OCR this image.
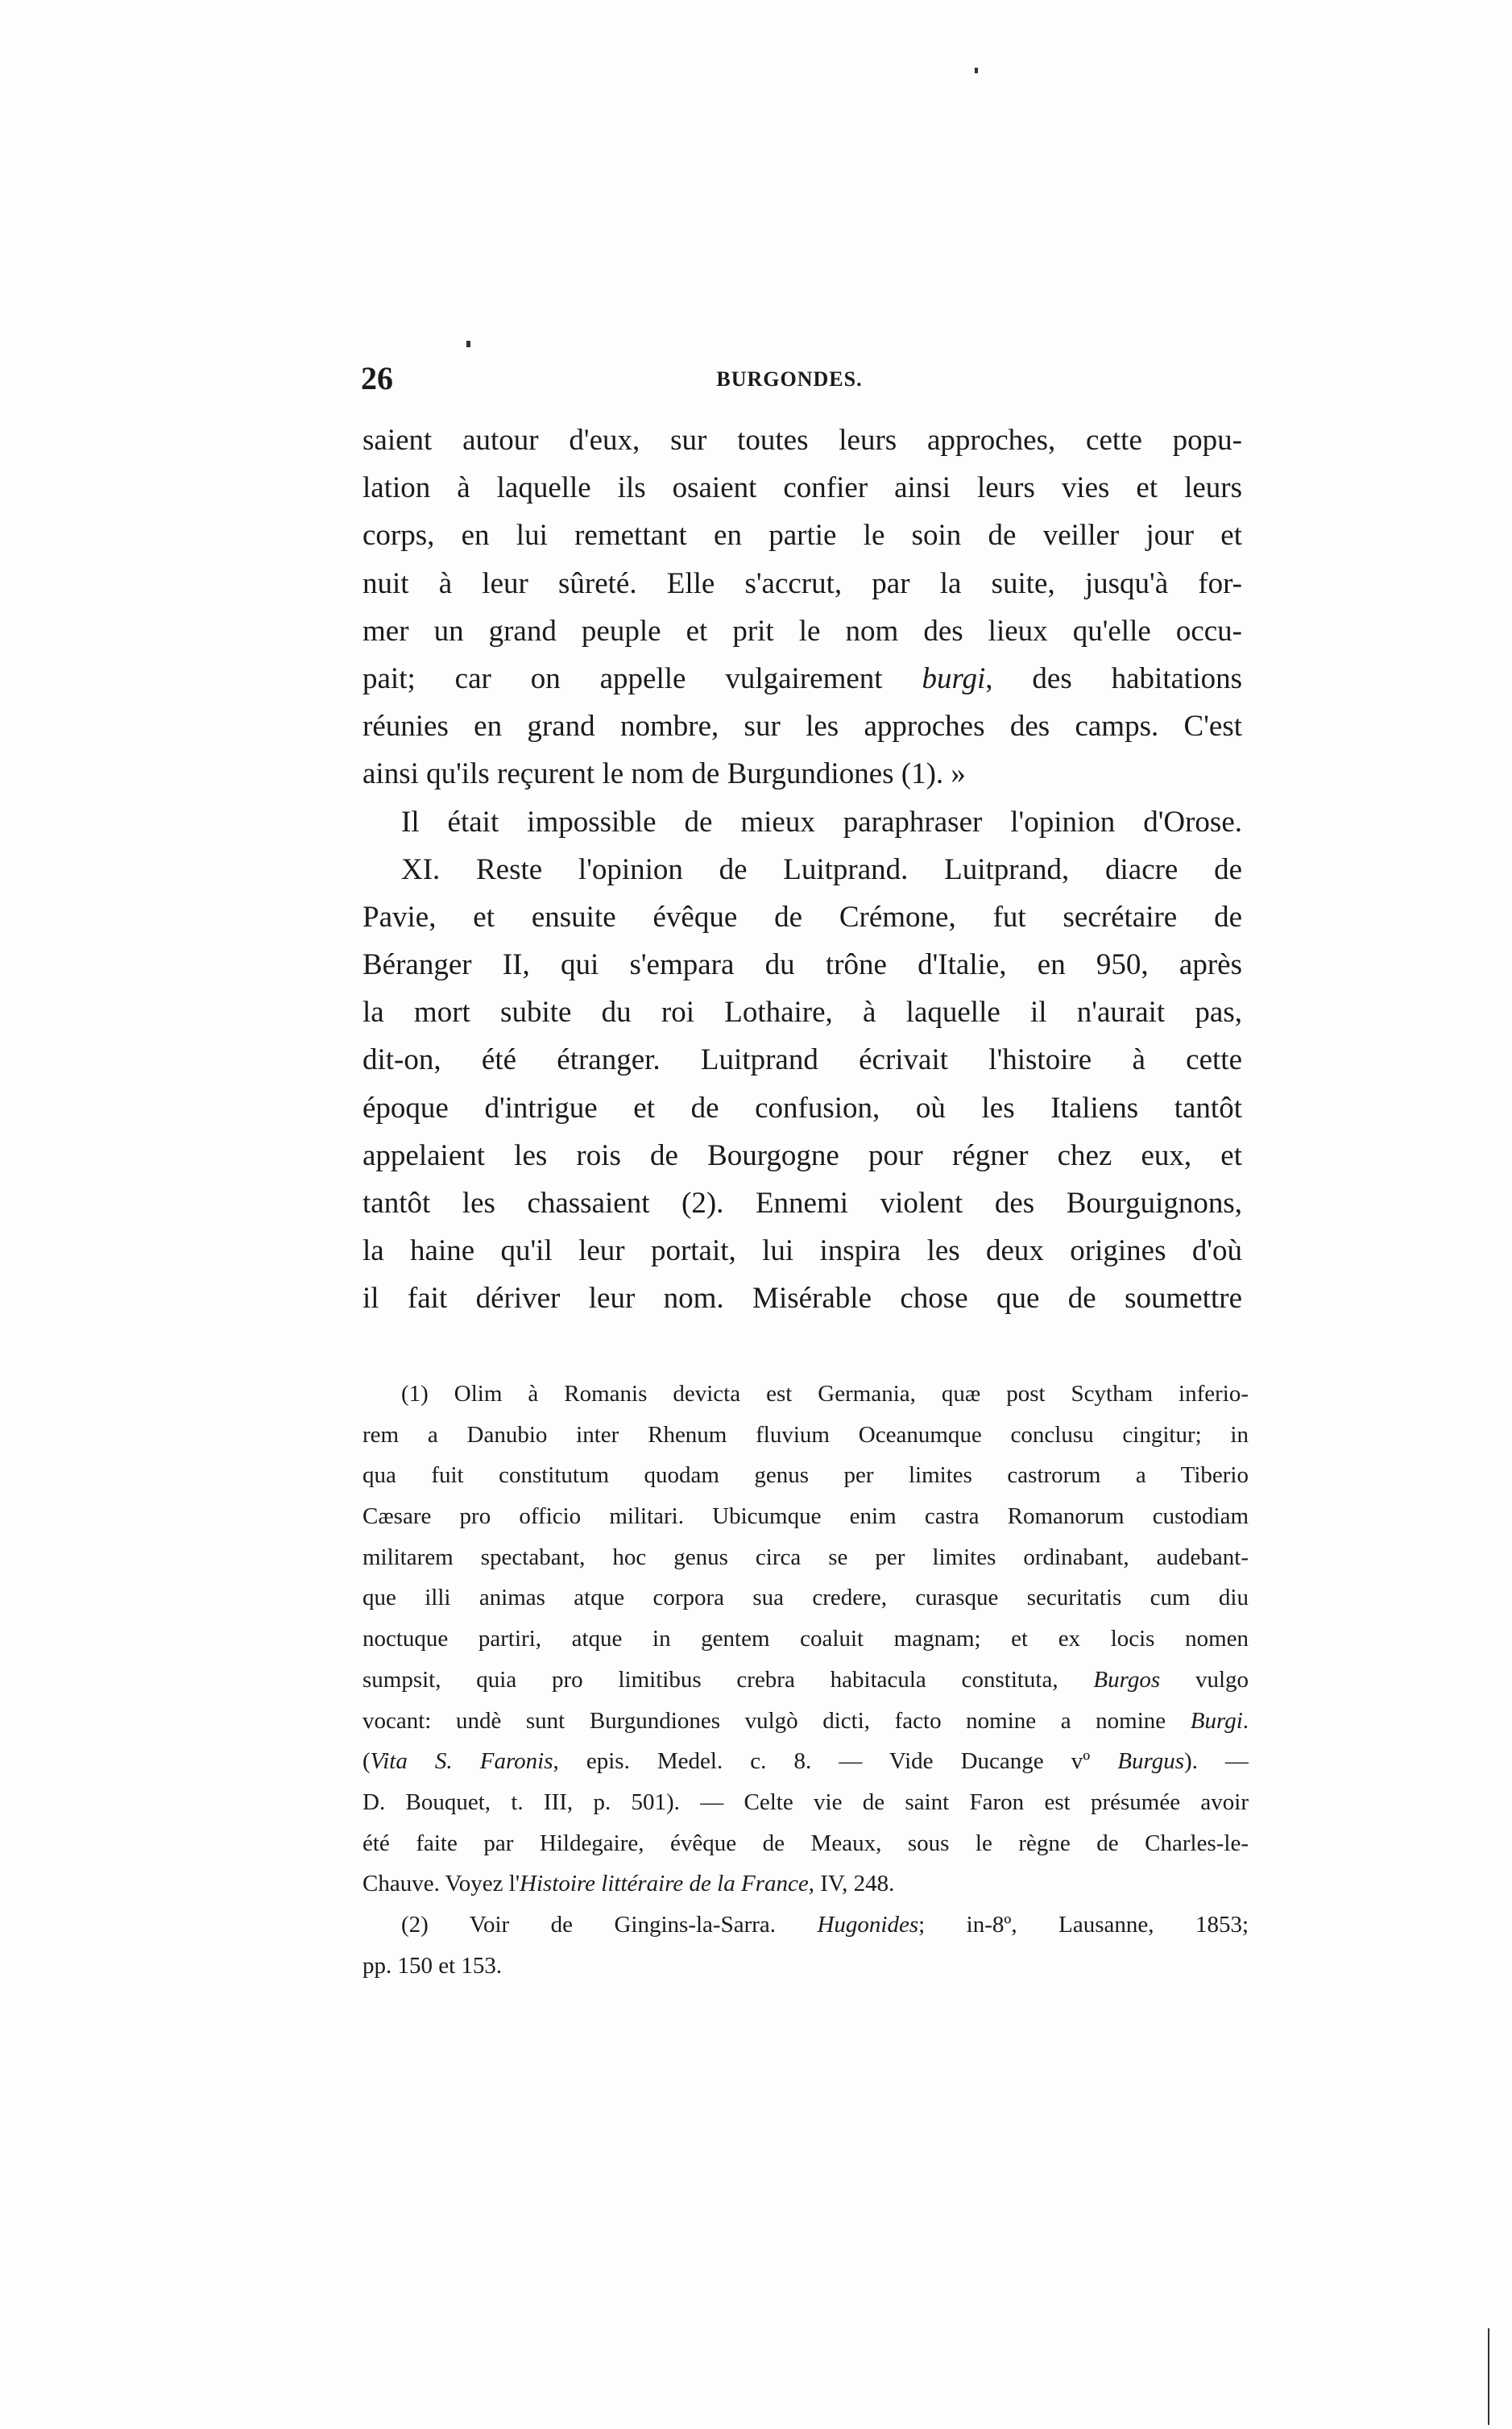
26	BURGONDES.
saient autour d'eux, sur toutes leurs approches, cette popu-
lation à laquelle ils osaient confier ainsi leurs vies et leurs
corps, en lui remettant en partie le soin de veiller jour et
nuit à leur sûreté. Elle s'accrut, par la suite, jusqu'à for-
mer un grand peuple et prit le nom des lieux qu'elle occu-
pait; car on appelle vulgairement burgi, des habitations
réunies en grand nombre, sur les approches des camps. C'est
ainsi qu'ils reçurent le nom de Burgundiones (1). »
Il était impossible de mieux paraphraser l'opinion d'Orose.
XI. Reste l'opinion de Luitprand. Luitprand, diacre de
Pavie, et ensuite évêque de Crémone, fut secrétaire de
Béranger II, qui s'empara du trône d'Italie, en 950, après
la mort subite du roi Lothaire, à laquelle il n'aurait pas,
dit-on, été étranger. Luitprand écrivait l'histoire à cette
époque d'intrigue et de confusion, où les Italiens tantôt
appelaient les rois de Bourgogne pour régner chez eux, et
tantôt les chassaient (2). Ennemi violent des Bourguignons,
la haine qu'il leur portait, lui inspira les deux origines d'où
il fait dériver leur nom. Misérable chose que de soumettre
(1) Olim à Romanis devicta est Germania, quæ post Scytham inferio-
rem a Danubio inter Rhenum fluvium Oceanumque conclusu cingitur; in
qua fuit constitutum quodam genus per limites castrorum a Tiberio
Cæsare pro officio militari. Ubicumque enim castra Romanorum custodiam
militarem spectabant, hoc genus circa se per limites ordinabant, audebant-
que illi animas atque corpora sua credere, curasque securitatis cum diu
noctuque partiri, atque in gentem coaluit magnam; et ex locis nomen
sumpsit, quia pro limitibus crebra habitacula constituta, Burgos vulgo
vocant: undè sunt Burgundiones vulgò dicti, facto nomine a nomine Burgi.
(Vita S. Faronis, epis. Medel. c. 8. — Vide Ducange vº Burgus). —
D. Bouquet, t. III, p. 501). — Celte vie de saint Faron est présumée avoir
été faite par Hildegaire, évêque de Meaux, sous le règne de Charles-le-
Chauve. Voyez l'Histoire littéraire de la France, IV, 248.
(2) Voir de Gingins-la-Sarra. Hugonides; in-8º, Lausanne, 1853;
pp. 150 et 153.
